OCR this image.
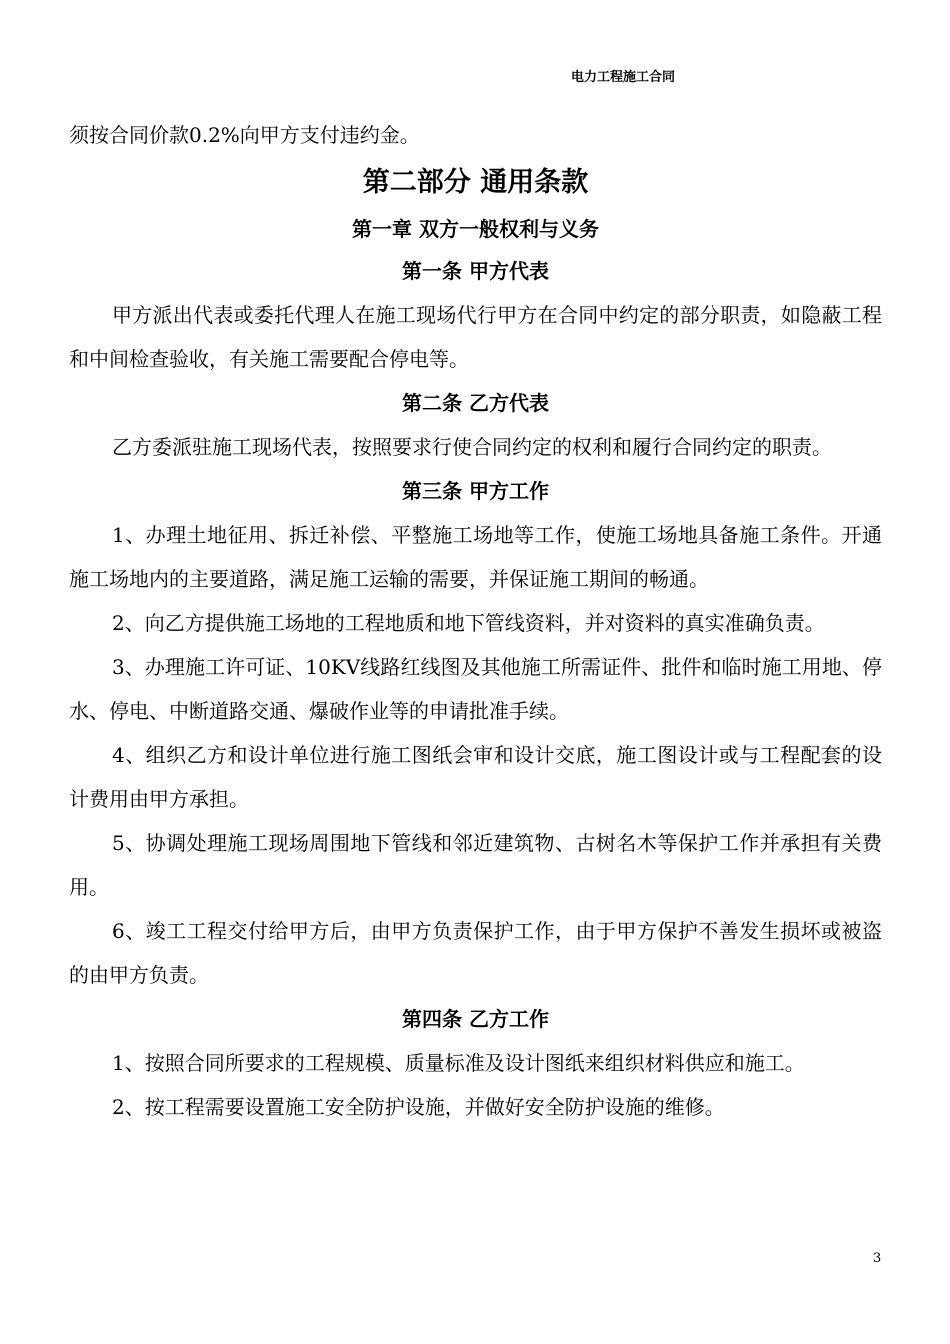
电力工程施工合同

须按合同价款0.2%向甲方支付违约金。

第二部分 通用条款
第一章 双方一般权利与义务
第一条 甲方代表

甲方派出代表或委托代理人在施工现场代行甲方在合同中约定的部分职责，如隐蔽工程和中间检查验收，有关施工需要配合停电等。

第二条 乙方代表

乙方委派驻施工现场代表，按照要求行使合同约定的权利和履行合同约定的职责。

第三条 甲方工作

1、办理土地征用、拆迁补偿、平整施工场地等工作，使施工场地具备施工条件。开通施工场地内的主要道路，满足施工运输的需要，并保证施工期间的畅通。

2、向乙方提供施工场地的工程地质和地下管线资料，并对资料的真实准确负责。

3、办理施工许可证、10KV线路红线图及其他施工所需证件、批件和临时施工用地、停水、停电、中断道路交通、爆破作业等的申请批准手续。

4、组织乙方和设计单位进行施工图纸会审和设计交底，施工图设计或与工程配套的设计费用由甲方承担。

5、协调处理施工现场周围地下管线和邻近建筑物、古树名木等保护工作并承担有关费用。

6、竣工工程交付给甲方后，由甲方负责保护工作，由于甲方保护不善发生损坏或被盗的由甲方负责。

第四条 乙方工作

1、按照合同所要求的工程规模、质量标准及设计图纸来组织材料供应和施工。

2、按工程需要设置施工安全防护设施，并做好安全防护设施的维修。

3
